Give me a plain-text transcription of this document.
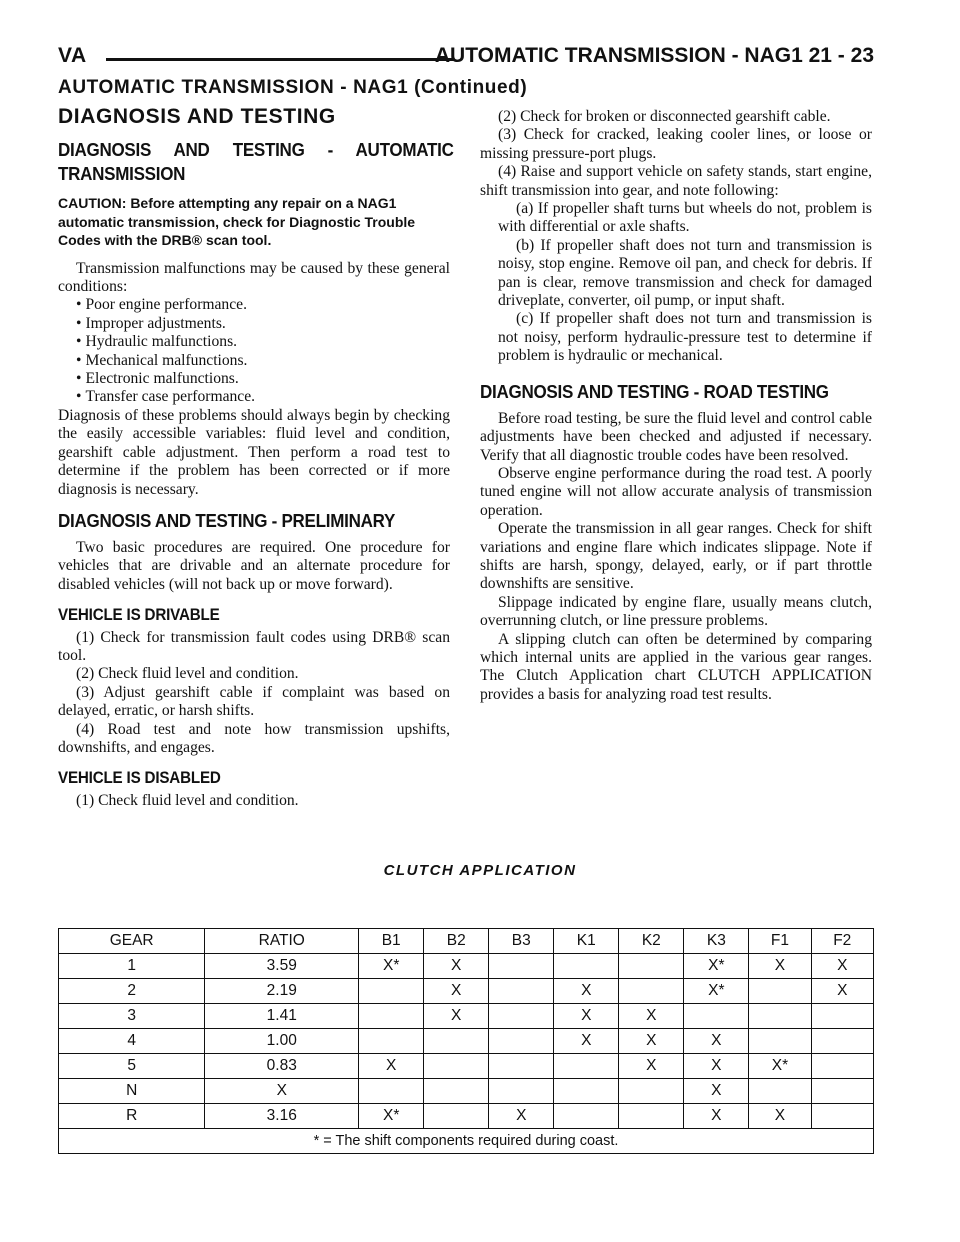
VA	AUTOMATIC TRANSMISSION - NAG1 21 - 23
AUTOMATIC TRANSMISSION - NAG1 (Continued)
DIAGNOSIS AND TESTING
DIAGNOSIS AND TESTING - AUTOMATIC TRANSMISSION
CAUTION: Before attempting any repair on a NAG1 automatic transmission, check for Diagnostic Trouble Codes with the DRB® scan tool.

Transmission malfunctions may be caused by these general conditions:

• Poor engine performance.
• Improper adjustments.
• Hydraulic malfunctions.
• Mechanical malfunctions.
• Electronic malfunctions.
• Transfer case performance.

Diagnosis of these problems should always begin by checking the easily accessible variables: fluid level and condition, gearshift cable adjustment. Then perform a road test to determine if the problem has been corrected or if more diagnosis is necessary.

DIAGNOSIS AND TESTING - PRELIMINARY

Two basic procedures are required. One procedure for vehicles that are drivable and an alternate procedure for disabled vehicles (will not back up or move forward).

VEHICLE IS DRIVABLE

(1) Check for transmission fault codes using DRB® scan tool.

(2) Check fluid level and condition.

(3) Adjust gearshift cable if complaint was based on delayed, erratic, or harsh shifts.

(4) Road test and note how transmission upshifts, downshifts, and engages.

VEHICLE IS DISABLED

(1) Check fluid level and condition.

(2) Check for broken or disconnected gearshift cable.

(3) Check for cracked, leaking cooler lines, or loose or missing pressure-port plugs.

(4) Raise and support vehicle on safety stands, start engine, shift transmission into gear, and note following:

(a) If propeller shaft turns but wheels do not, problem is with differential or axle shafts.

(b) If propeller shaft does not turn and transmission is noisy, stop engine. Remove oil pan, and check for debris. If pan is clear, remove transmission and check for damaged driveplate, converter, oil pump, or input shaft.

(c) If propeller shaft does not turn and transmission is not noisy, perform hydraulic-pressure test to determine if problem is hydraulic or mechanical.

DIAGNOSIS AND TESTING - ROAD TESTING

Before road testing, be sure the fluid level and control cable adjustments have been checked and adjusted if necessary. Verify that all diagnostic trouble codes have been resolved.

Observe engine performance during the road test. A poorly tuned engine will not allow accurate analysis of transmission operation.

Operate the transmission in all gear ranges. Check for shift variations and engine flare which indicates slippage. Note if shifts are harsh, spongy, delayed, early, or if part throttle downshifts are sensitive.

Slippage indicated by engine flare, usually means clutch, overrunning clutch, or line pressure problems.

A slipping clutch can often be determined by comparing which internal units are applied in the various gear ranges. The Clutch Application chart CLUTCH APPLICATION provides a basis for analyzing road test results.

CLUTCH APPLICATION
GEAR	RATIO	B1	B2	B3	K1	K2	K3	F1	F2
1	3.59	X*	X				X*	X	X
2	2.19		X		X		X*		X
3	1.41		X		X	X			
4	1.00				X	X	X		
5	0.83	X				X	X	X*	
N	X						X		
R	3.16	X*		X			X	X	
* = The shift components required during coast.									
